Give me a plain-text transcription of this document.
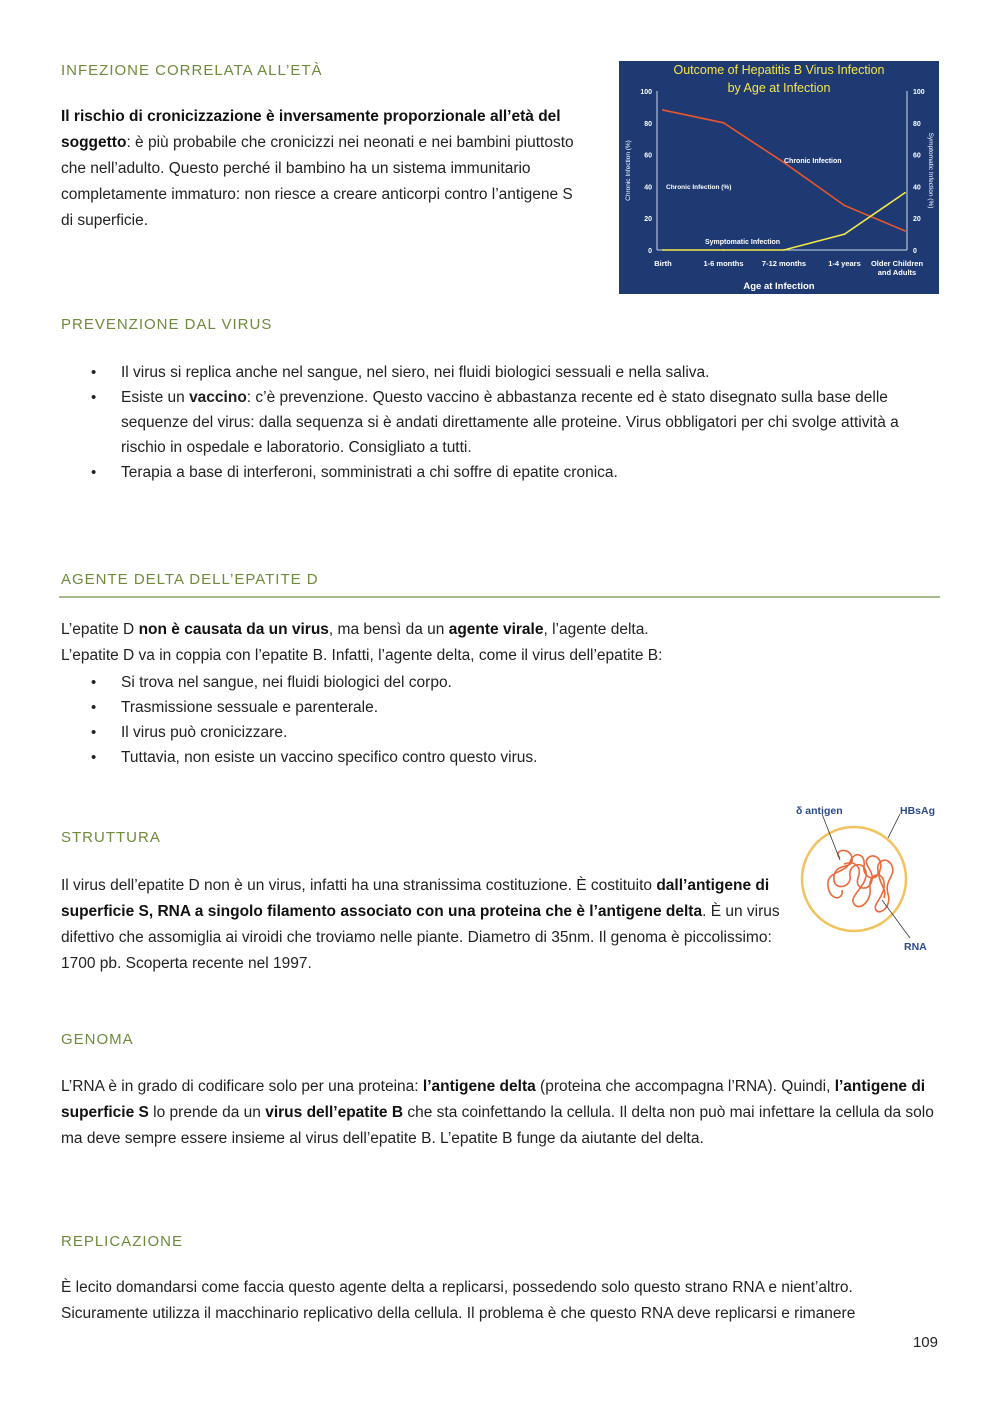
INFEZIONE CORRELATA ALL’ETÀ

Il rischio di cronicizzazione è inversamente proporzionale all’età del soggetto: è più probabile che cronicizzi nei neonati e nei bambini piuttosto che nell’adulto. Questo perché il bambino ha un sistema immunitario completamente immaturo: non riesce a creare anticorpi contro l’antigene S di superficie.

Outcome of Hepatitis B Virus Infection
by Age at Infection
0	0
20	20
40	40
60	60
80	80
100	100
Birth	1-6 months 7-12 months	1-4 years Older Children
and Adults
Age at Infection
Chronic Infection (%)	Symptomatic Infection (%)
Chronic Infection (%)
Chronic Infection
Symptomatic Infection
PREVENZIONE DAL VIRUS
• Il virus si replica anche nel sangue, nel siero, nei fluidi biologici sessuali e nella saliva.
• Esiste un vaccino: c’è prevenzione. Questo vaccino è abbastanza recente ed è stato disegnato sulla base delle sequenze del virus: dalla sequenza si è andati direttamente alle proteine. Virus obbligatori per chi svolge attività a rischio in ospedale e laboratorio. Consigliato a tutti.
• Terapia a base di interferoni, somministrati a chi soffre di epatite cronica.
AGENTE DELTA DELL’EPATITE D

L’epatite D non è causata da un virus, ma bensì da un agente virale, l’agente delta.

L’epatite D va in coppia con l’epatite B. Infatti, l’agente delta, come il virus dell’epatite B:

• Si trova nel sangue, nei fluidi biologici del corpo.
• Trasmissione sessuale e parenterale.
• Il virus può cronicizzare.
• Tuttavia, non esiste un vaccino specifico contro questo virus.
STRUTTURA

Il virus dell’epatite D non è un virus, infatti ha una stranissima costituzione. È costituito dall’antigene di superficie S, RNA a singolo filamento associato con una proteina che è l’antigene delta. È un virus difettivo che assomiglia ai viroidi che troviamo nelle piante. Diametro di 35nm. Il genoma è piccolissimo: 1700 pb. Scoperta recente nel 1997.

δ antigen	HBsAg
RNA
GENOMA

L’RNA è in grado di codificare solo per una proteina: l’antigene delta (proteina che accompagna l’RNA). Quindi, l’antigene di superficie S lo prende da un virus dell’epatite B che sta coinfettando la cellula. Il delta non può mai infettare la cellula da solo ma deve sempre essere insieme al virus dell’epatite B. L’epatite B funge da aiutante del delta.

REPLICAZIONE

È lecito domandarsi come faccia questo agente delta a replicarsi, possedendo solo questo strano RNA e nient’altro. Sicuramente utilizza il macchinario replicativo della cellula. Il problema è che questo RNA deve replicarsi e rimanere

109
